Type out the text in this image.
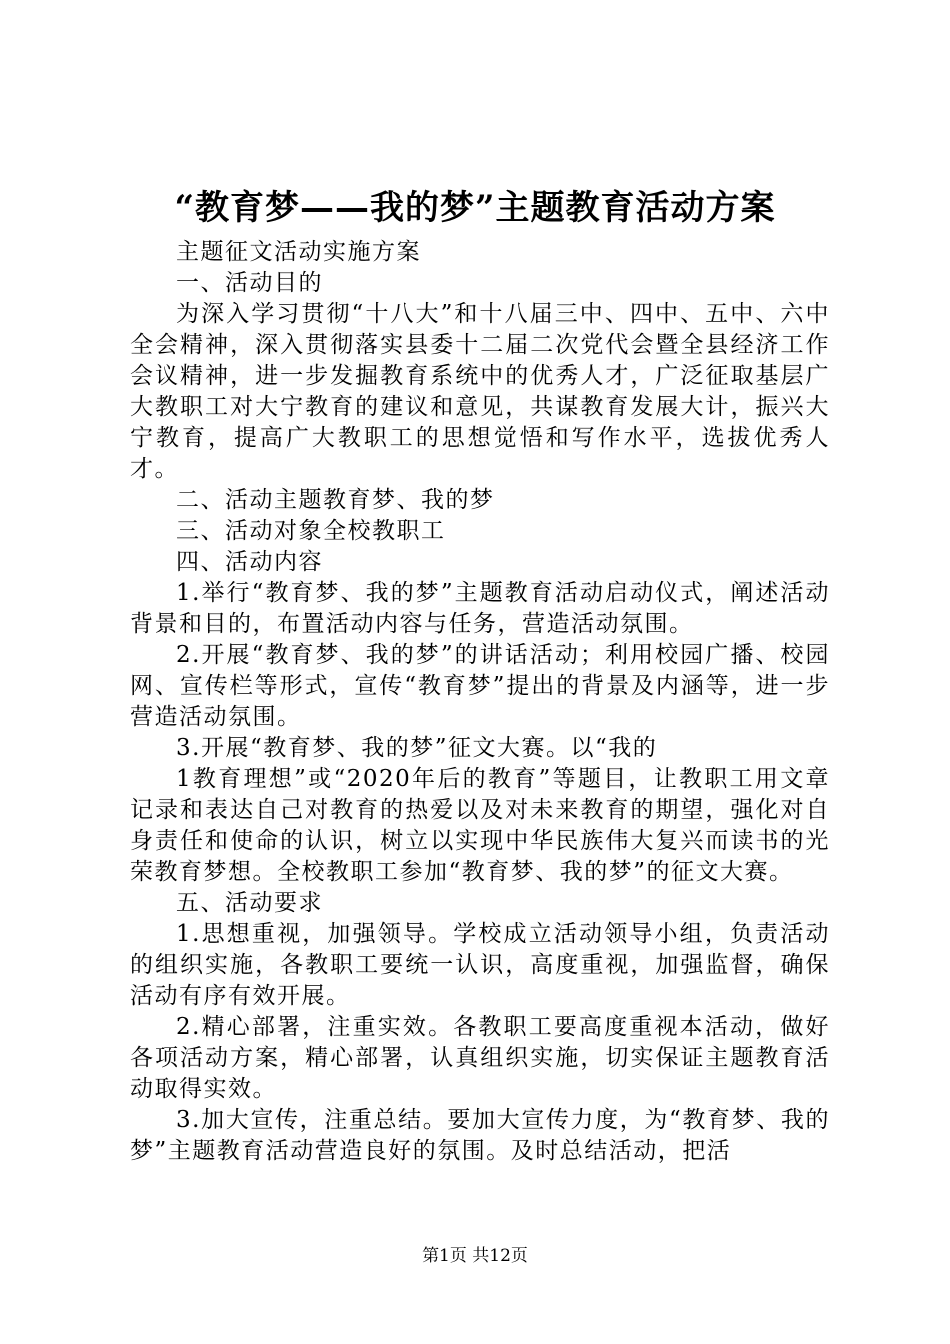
“教育梦——我的梦”主题教育活动方案

主题征文活动实施方案

一、活动目的

为深入学习贯彻“十八大”和十八届三中、四中、五中、六中全会精神，深入贯彻落实县委十二届二次党代会暨全县经济工作会议精神，进一步发掘教育系统中的优秀人才，广泛征取基层广大教职工对大宁教育的建议和意见，共谋教育发展大计，振兴大宁教育，提高广大教职工的思想觉悟和写作水平，选拔优秀人才。

二、活动主题教育梦、我的梦

三、活动对象全校教职工

四、活动内容

1.举行“教育梦、我的梦”主题教育活动启动仪式，阐述活动背景和目的，布置活动内容与任务，营造活动氛围。

2.开展“教育梦、我的梦”的讲话活动；利用校园广播、校园网、宣传栏等形式，宣传“教育梦”提出的背景及内涵等，进一步营造活动氛围。

3.开展“教育梦、我的梦”征文大赛。以“我的

1教育理想”或“2020年后的教育”等题目，让教职工用文章记录和表达自己对教育的热爱以及对未来教育的期望，强化对自身责任和使命的认识，树立以实现中华民族伟大复兴而读书的光荣教育梦想。全校教职工参加“教育梦、我的梦”的征文大赛。

五、活动要求

1.思想重视，加强领导。学校成立活动领导小组，负责活动的组织实施，各教职工要统一认识，高度重视，加强监督，确保活动有序有效开展。

2.精心部署，注重实效。各教职工要高度重视本活动，做好各项活动方案，精心部署，认真组织实施，切实保证主题教育活动取得实效。

3.加大宣传，注重总结。要加大宣传力度，为“教育梦、我的梦”主题教育活动营造良好的氛围。及时总结活动，把活

第1页 共12页
